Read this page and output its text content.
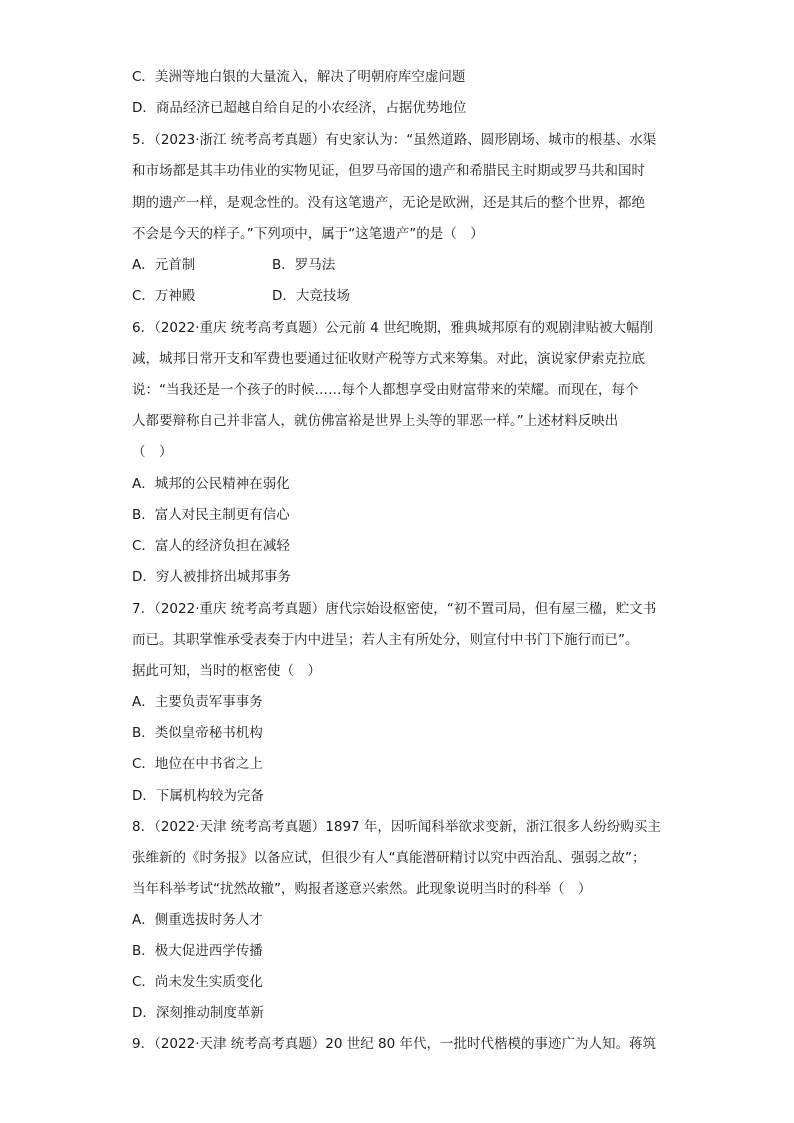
C．美洲等地白银的大量流入，解决了明朝府库空虚问题
D．商品经济已超越自给自足的小农经济，占据优势地位
5．（2023·浙江 统考高考真题）有史家认为：“虽然道路、圆形剧场、城市的根基、水渠
和市场都是其丰功伟业的实物见证，但罗马帝国的遗产和希腊民主时期或罗马共和国时
期的遗产一样，是观念性的。没有这笔遗产，无论是欧洲，还是其后的整个世界，都绝
不会是今天的样子。”下列项中，属于“这笔遗产”的是（　）
A．元首制	B．罗马法
C．万神殿	D．大竞技场
6．（2022·重庆 统考高考真题）公元前 4 世纪晚期，雅典城邦原有的观剧津贴被大幅削
减，城邦日常开支和军费也要通过征收财产税等方式来筹集。对此，演说家伊索克拉底
说：“当我还是一个孩子的时候……每个人都想享受由财富带来的荣耀。而现在，每个
人都要辩称自己并非富人，就仿佛富裕是世界上头等的罪恶一样。”上述材料反映出
（　）
A．城邦的公民精神在弱化
B．富人对民主制更有信心
C．富人的经济负担在减轻
D．穷人被排挤出城邦事务
7．（2022·重庆 统考高考真题）唐代宗始设枢密使，“初不置司局，但有屋三楹，贮文书
而已。其职掌惟承受表奏于内中进呈；若人主有所处分，则宣付中书门下施行而已”。
据此可知，当时的枢密使（　）
A．主要负责军事事务
B．类似皇帝秘书机构
C．地位在中书省之上
D．下属机构较为完备
8．（2022·天津 统考高考真题）1897 年，因听闻科举欲求变新，浙江很多人纷纷购买主
张维新的《时务报》以备应试，但很少有人“真能潜研精讨以究中西治乱、强弱之故”；
当年科举考试“扰然故辙”，购报者遂意兴索然。此现象说明当时的科举（　）
A．侧重选拔时务人才
B．极大促进西学传播
C．尚未发生实质变化
D．深刻推动制度革新
9．（2022·天津 统考高考真题）20 世纪 80 年代，一批时代楷模的事迹广为人知。蒋筑
